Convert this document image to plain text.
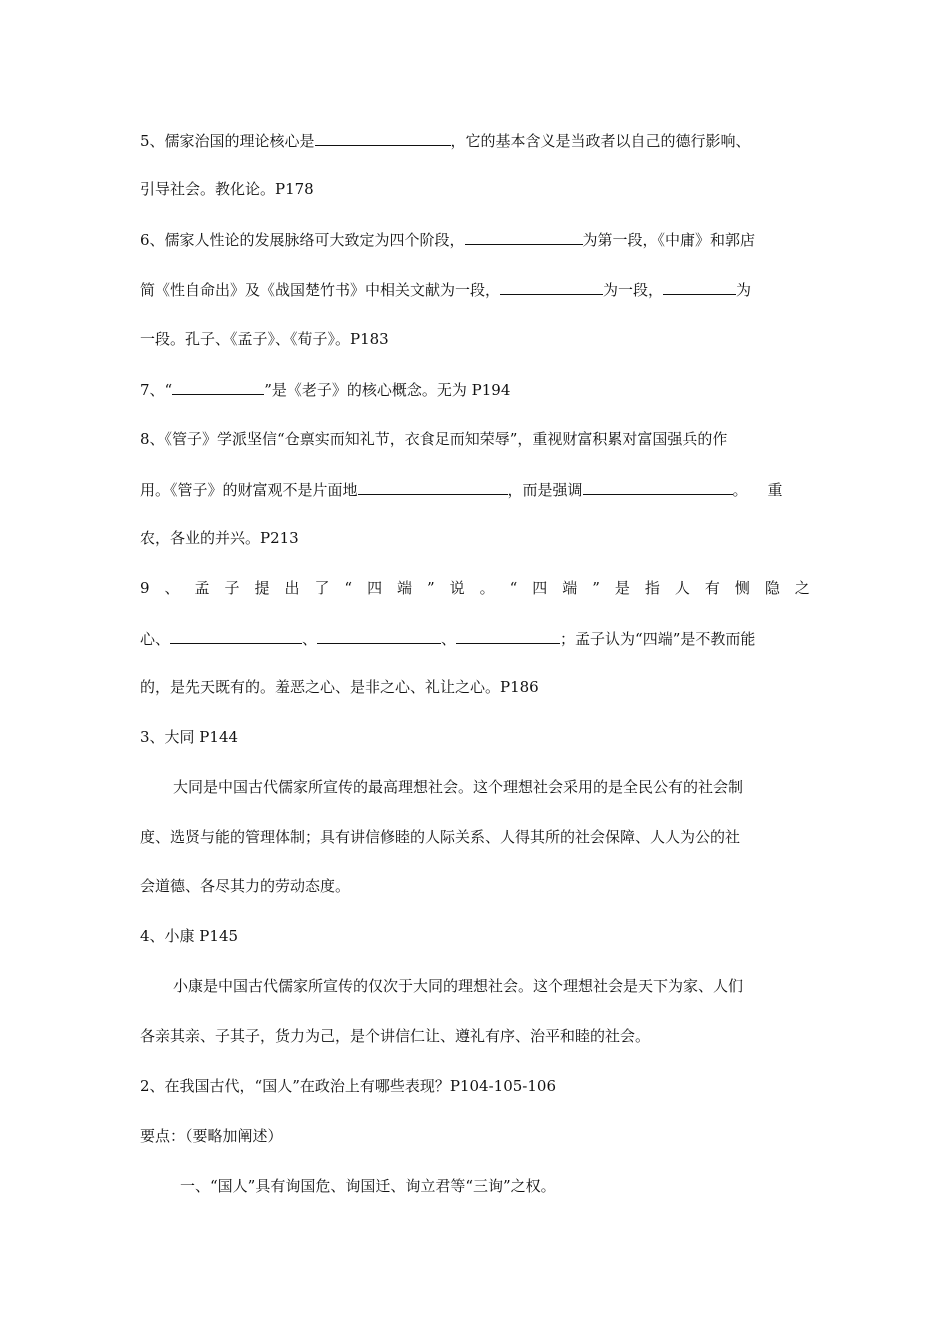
5、儒家治国的理论核心是	，它的基本含义是当政者以自己的德行影响、
引导社会。教化论。P178
6、儒家人性论的发展脉络可大致定为四个阶段，	为第一段，《中庸》和郭店
简《性自命出》及《战国楚竹书》中相关文献为一段，	为一段，	为
一段。孔子、《孟子》、《荀子》。P183
7、“	”是《老子》的核心概念。无为 P194
8、《管子》学派坚信“仓禀实而知礼节，衣食足而知荣辱”，重视财富积累对富国强兵的作
用。《管子》的财富观不是片面地	，而是强调	。 重
农，各业的并兴。P213
9 、 孟 子 提 出 了 “ 四 端 ” 说 。 “ 四 端 ” 是 指 人 有 恻 隐 之
心、	、	、	；孟子认为“四端”是不教而能
的，是先天既有的。羞恶之心、是非之心、礼让之心。P186
3、大同 P144
大同是中国古代儒家所宣传的最高理想社会。这个理想社会采用的是全民公有的社会制
度、选贤与能的管理体制；具有讲信修睦的人际关系、人得其所的社会保障、人人为公的社
会道德、各尽其力的劳动态度。
4、小康 P145
小康是中国古代儒家所宣传的仅次于大同的理想社会。这个理想社会是天下为家、人们
各亲其亲、子其子，货力为己，是个讲信仁让、遵礼有序、治平和睦的社会。
2、在我国古代，“国人”在政治上有哪些表现？P104-105-106
要点：（要略加阐述）
一、“国人”具有询国危、询国迁、询立君等“三询”之权。
